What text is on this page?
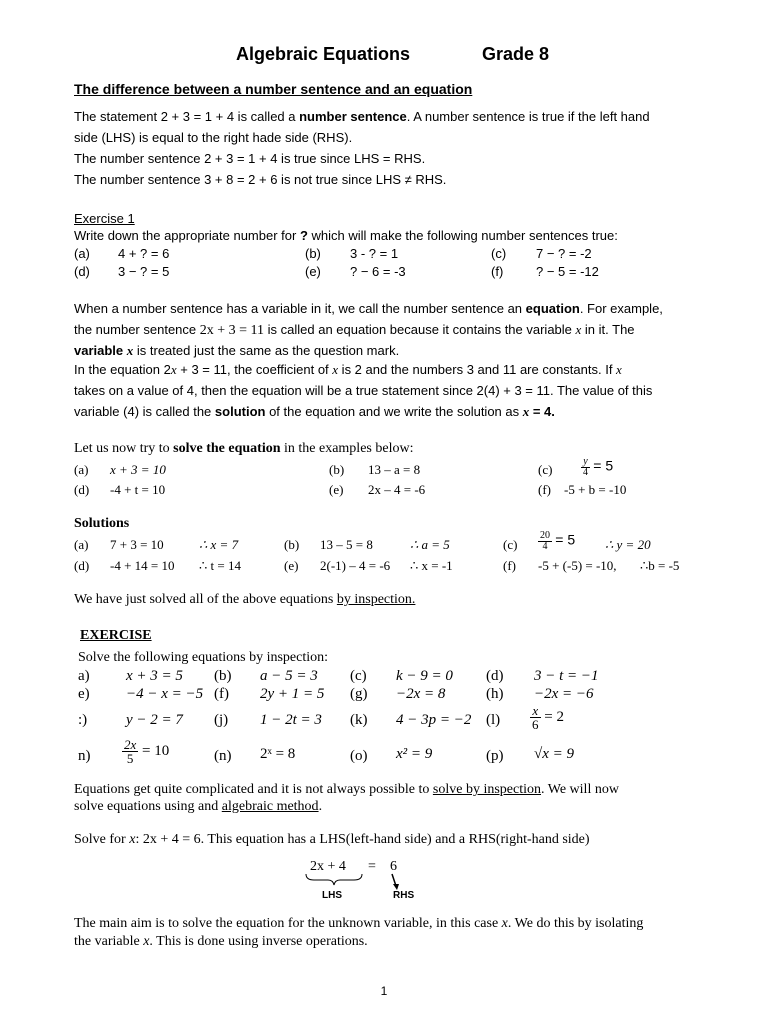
Algebraic Equations	Grade 8
The difference between a number sentence and an equation
The statement 2 + 3 = 1 + 4 is called a number sentence. A number sentence is true if the left hand
side (LHS) is equal to the right hade side (RHS).
The number sentence 2 + 3 = 1 + 4 is true since LHS = RHS.
The number sentence 3 + 8 = 2 + 6 is not true since LHS ≠ RHS.
Exercise 1
Write down the appropriate number for ? which will make the following number sentences true:
(a) 4 + ? = 6	(b) 3 - ? = 1	(c) 7 − ? = -2
(d) 3 − ? = 5	(e) ? − 6 = -3	(f)	? − 5 = -12
When a number sentence has a variable in it, we call the number sentence an equation. For example,
the number sentence 2x + 3 = 11 is called an equation because it contains the variable x in it. The
variable x is treated just the same as the question mark.
In the equation 2x + 3 = 11, the coefficient of x is 2 and the numbers 3 and 11 are constants. If x
takes on a value of 4, then the equation will be a true statement since 2(4) + 3 = 11. The value of this
variable (4) is called the solution of the equation and we write the solution as x = 4.
Let us now try to solve the equation in the examples below:
(a) x + 3 = 10	(b) 13 – a = 8	(c)	$\frac{y}{4} = 5$
(d) -4 + t = 10	(e) 2x – 4 = -6	(f) -5 + b = -10
Solutions
(a) 7 + 3 = 10	∴ x = 7	(b) 13 – 5 = 8	∴ a = 5	$(c) \frac{20}{4} = 5$ ∴ y = 20
(d) -4 + 14 = 10 ∴ t = 14	(e) 2(-1) – 4 = -6 ∴ x = -1	(f) -5 + (-5) = -10, ∴b = -5
We have just solved all of the above equations by inspection.
EXERCISE
Solve the following equations by inspection:
a) x + 3 = 5 (b) a − 5 = 3 (c) k − 9 = 0 (d) 3 − t = −1
e) −4 − x = −5 (f) 2y + 1 = 5 (g) −2x = 8	(h) −2x = −6
:)	y − 2 = 7 (j) 1 − 2t = 3 (k) 4 − 3p = −2 $(l) \frac{x}{6} = 2$
$n) \frac{2x}{5} = 10$	(n) 2ˣ = 8	(o) x² = 9	(p) √x = 9
Equations get quite complicated and it is not always possible to solve by inspection. We will now
solve equations using and algebraic method.
Solve for x: 2x + 4 = 6. This equation has a LHS(left-hand side) and a RHS(right-hand side)
2x + 4 = 6
LHS	RHS
The main aim is to solve the equation for the unknown variable, in this case x. We do this by isolating
the variable x. This is done using inverse operations.
1
